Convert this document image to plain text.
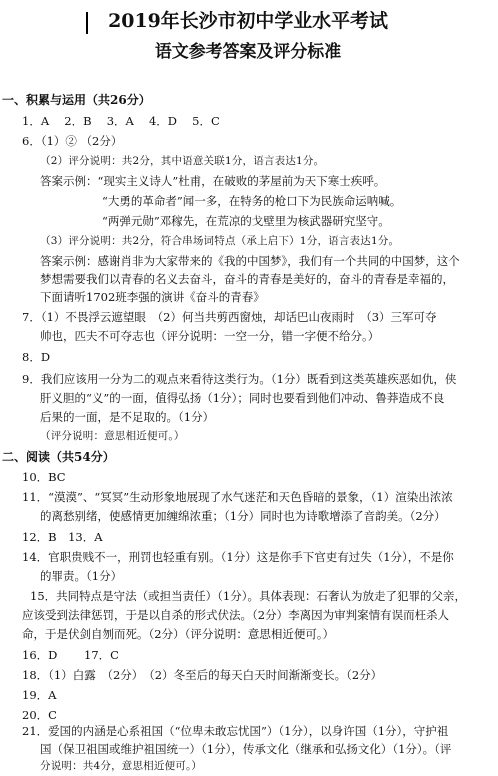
2019年长沙市初中学业水平考试
语文参考答案及评分标准
一、积累与运用（共26分）
1．A　 2．B　 3．A　 4．D　 5．C
6．（1）② （2分）
（2）评分说明：共2分，其中语意关联1分，语言表达1分。
答案示例：“现实主义诗人”杜甫，在破败的茅屋前为天下寒士疾呼。
“大勇的革命者”闻一多，在特务的枪口下为民族命运呐喊。
“两弹元勋”邓稼先，在荒凉的戈壁里为核武器研究坚守。
（3）评分说明：共2分，符合串场词特点（承上启下）1分，语言表达1分。
答案示例：感谢肖非为大家带来的《我的中国梦》，我们有一个共同的中国梦，这个
梦想需要我们以青春的名义去奋斗，奋斗的青春是美好的，奋斗的青春是幸福的，
下面请听1702班李强的演讲《奋斗的青春》
7．（1）不畏浮云遮望眼　（2）何当共剪西窗烛，却话巴山夜雨时　（3）三军可夺
帅也，匹夫不可夺志也（评分说明：一空一分，错一字便不给分。）
8．D
9．我们应该用一分为二的观点来看待这类行为。（1分）既看到这类英雄疾恶如仇，侠
肝义胆的“义”的一面，值得弘扬（1分）；同时也要看到他们冲动、鲁莽造成不良
后果的一面，是不足取的。（1分）
（评分说明：意思相近便可。）
二、阅读（共54分）
10．BC
11．“漠漠”、“冥冥”生动形象地展现了水气迷茫和天色昏暗的景象，（1）渲染出浓浓
的离愁别绪，使感情更加缠绵浓重；（1分）同时也为诗歌增添了音韵美。（2分）
12．B　13．A
14．官职贵贱不一，刑罚也轻重有别。（1分）这是你手下官吏有过失（1分），不是你
的罪责。（1分）
15．共同特点是守法（或担当责任）（1分）。具体表现：石奢认为放走了犯罪的父亲，
应该受到法律惩罚，于是以自杀的形式伏法。（2分）李离因为审判案情有误而枉杀人
命，于是伏剑自刎而死。（2分）（评分说明：意思相近便可。）
16．D　　 17．C
18．（1）白露　（2分）　（2）冬至后的每天白天时间渐渐变长。（2分）
19．A
20．C
21．爱国的内涵是心系祖国（“位卑未敢忘忧国”）（1分），以身许国（1分），守护祖
国（保卫祖国或维护祖国统一）（1分），传承文化（继承和弘扬文化）（1分）。（评
分说明：共4分，意思相近便可。）
